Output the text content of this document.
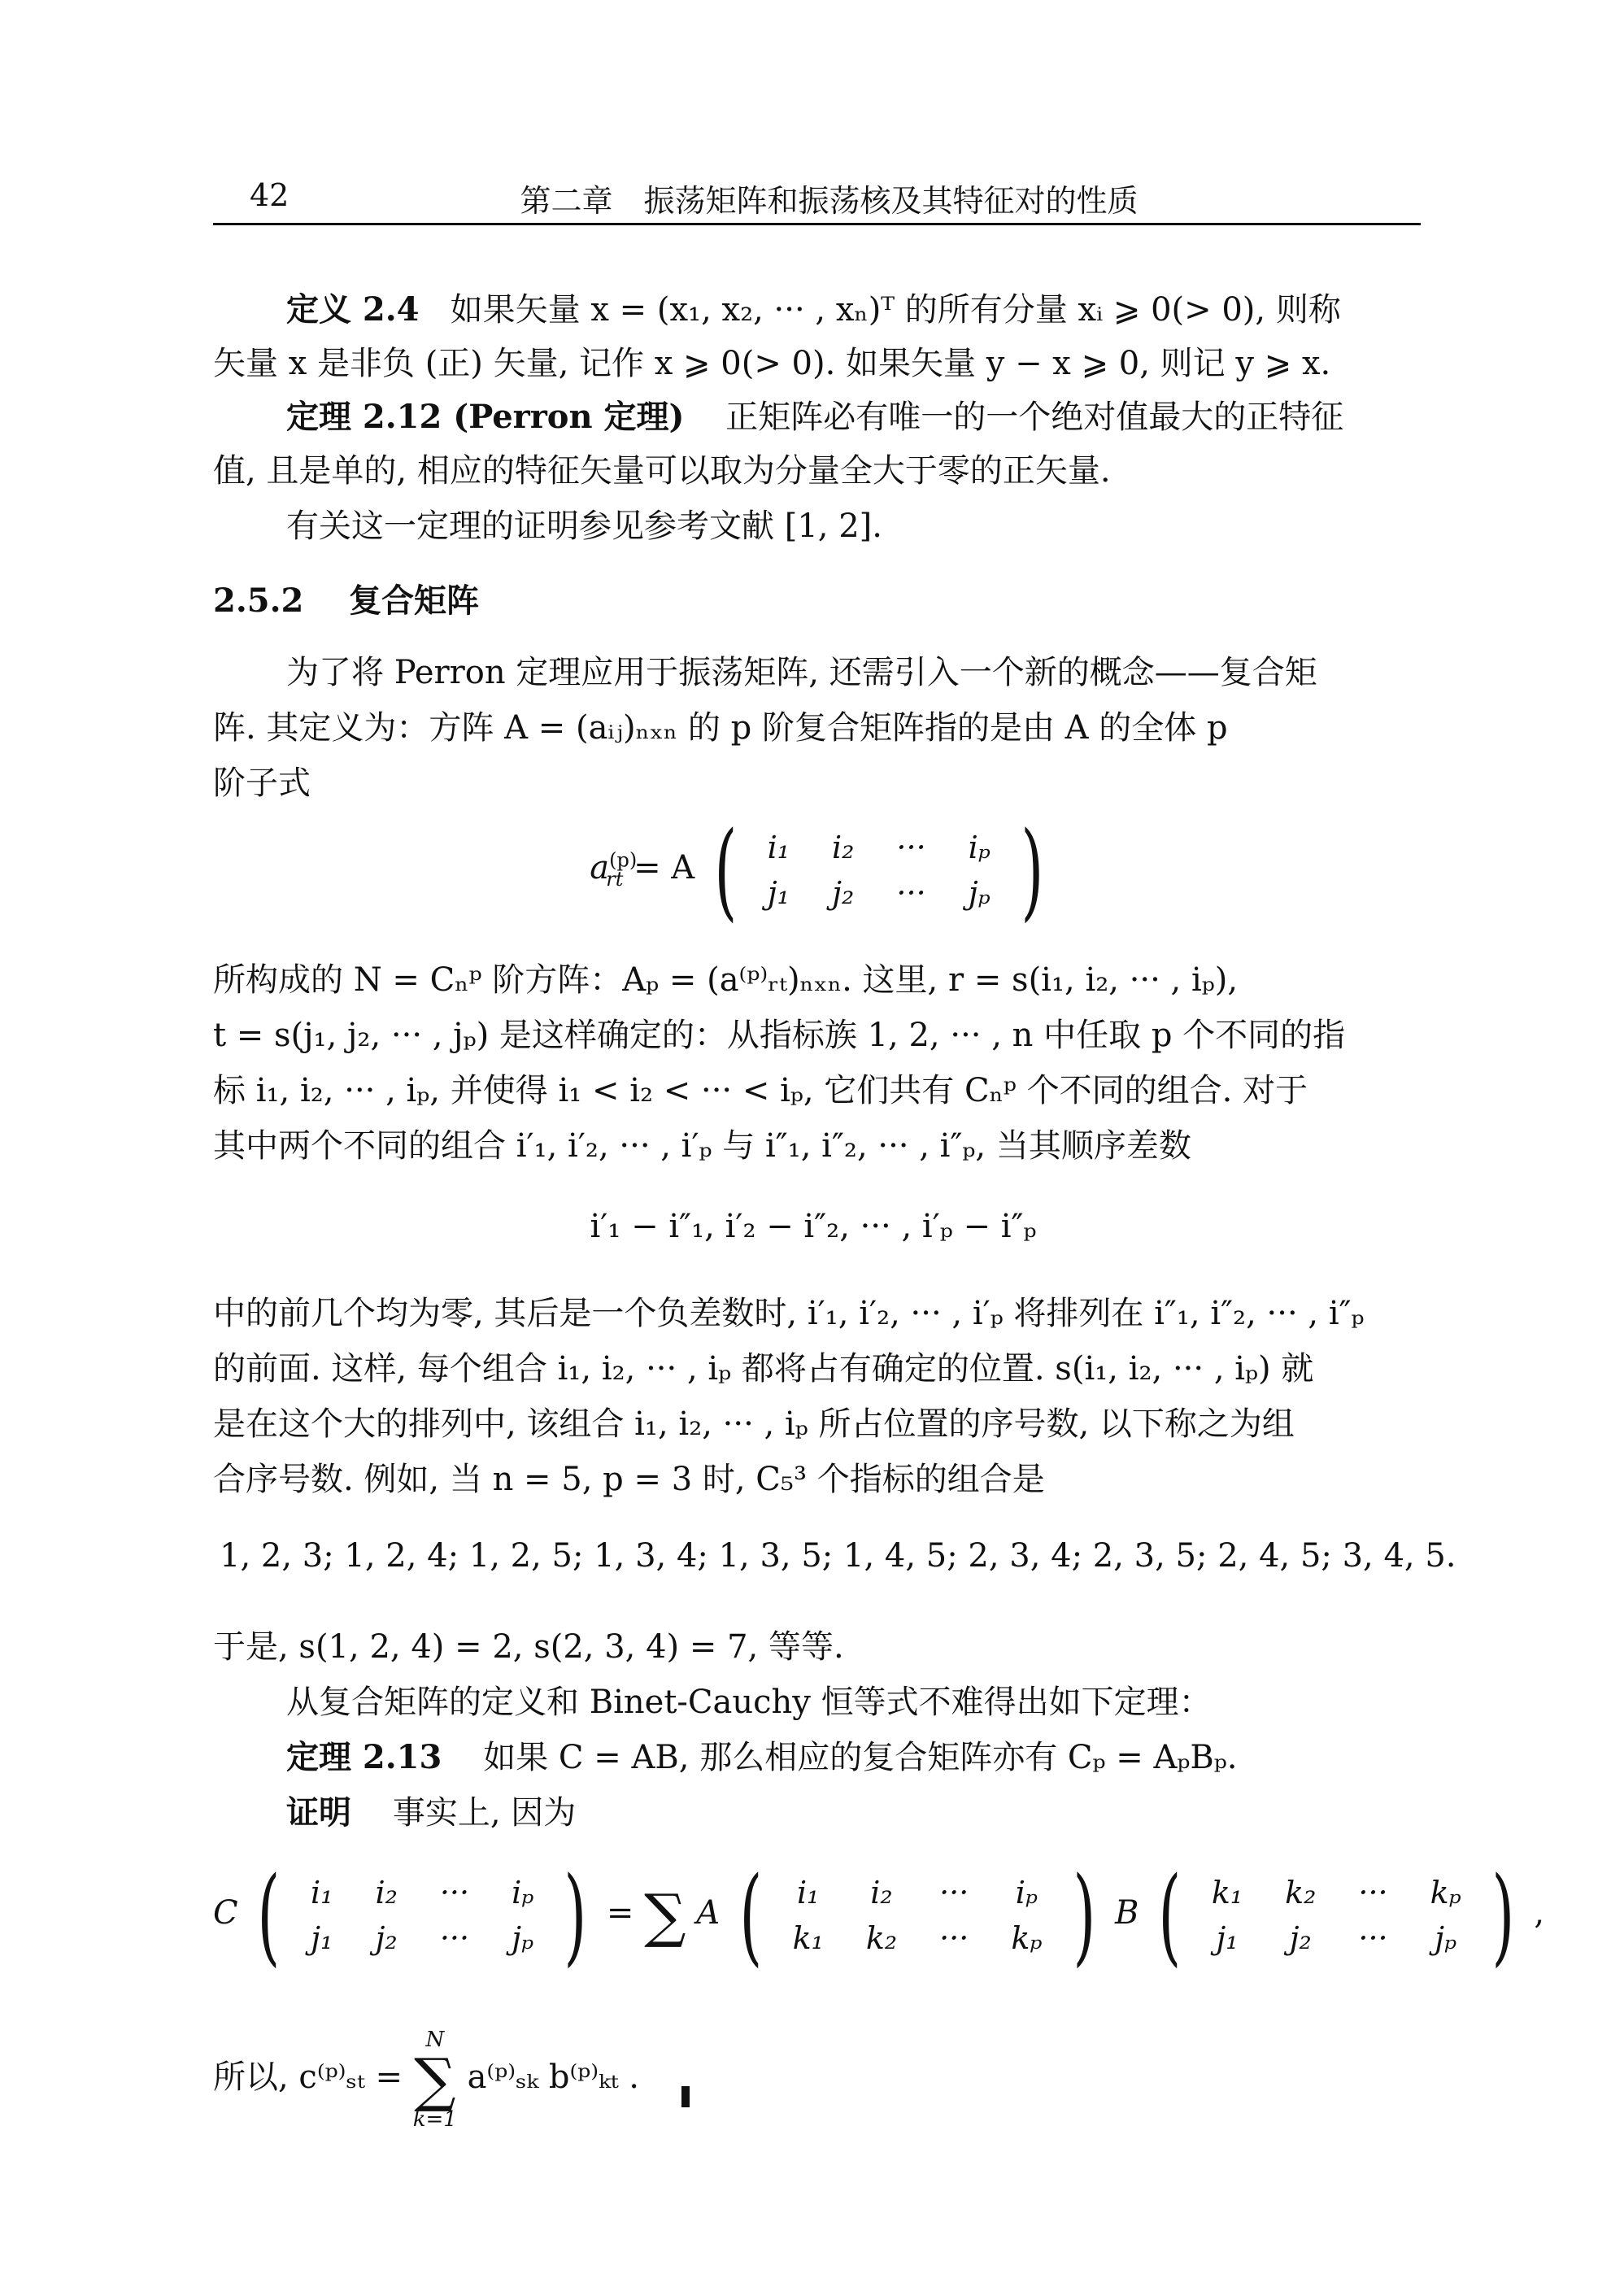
42	第二章　振荡矩阵和振荡核及其特征对的性质

定义 2.4 如果矢量 x = (x₁, x₂, ··· , xₙ)ᵀ 的所有分量 xᵢ ⩾ 0(> 0), 则称

矢量 x 是非负 (正) 矢量, 记作 x ⩾ 0(> 0). 如果矢量 y − x ⩾ 0, 则记 y ⩾ x.

定理 2.12 (Perron 定理) 正矩阵必有唯一的一个绝对值最大的正特征

值, 且是单的, 相应的特征矢量可以取为分量全大于零的正矢量.

有关这一定理的证明参见参考文献 [1, 2].

2.5.2 复合矩阵

为了将 Perron 定理应用于振荡矩阵, 还需引入一个新的概念——复合矩

阵. 其定义为：方阵 A = (aᵢⱼ)ₙₓₙ 的 p 阶复合矩阵指的是由 A 的全体 p

阶子式

$a^{(p)}_{rt} = A$ ( i₁	i₂	···	iₚ
j₁	j₂	···	jₚ )

所构成的 N = Cₙᵖ 阶方阵：Aₚ = (a⁽ᵖ⁾ᵣₜ)ₙₓₙ. 这里, r = s(i₁, i₂, ··· , iₚ),

t = s(j₁, j₂, ··· , jₚ) 是这样确定的：从指标族 1, 2, ··· , n 中任取 p 个不同的指

标 i₁, i₂, ··· , iₚ, 并使得 i₁ < i₂ < ··· < iₚ, 它们共有 Cₙᵖ 个不同的组合. 对于

其中两个不同的组合 i′₁, i′₂, ··· , i′ₚ 与 i″₁, i″₂, ··· , i″ₚ, 当其顺序差数

i′₁ − i″₁, i′₂ − i″₂, ··· , i′ₚ − i″ₚ

中的前几个均为零, 其后是一个负差数时, i′₁, i′₂, ··· , i′ₚ 将排列在 i″₁, i″₂, ··· , i″ₚ

的前面. 这样, 每个组合 i₁, i₂, ··· , iₚ 都将占有确定的位置. s(i₁, i₂, ··· , iₚ) 就

是在这个大的排列中, 该组合 i₁, i₂, ··· , iₚ 所占位置的序号数, 以下称之为组

合序号数. 例如, 当 n = 5, p = 3 时, C₅³ 个指标的组合是

1, 2, 3; 1, 2, 4; 1, 2, 5; 1, 3, 4; 1, 3, 5; 1, 4, 5; 2, 3, 4; 2, 3, 5; 2, 4, 5; 3, 4, 5.

于是, s(1, 2, 4) = 2, s(2, 3, 4) = 7, 等等.

从复合矩阵的定义和 Binet-Cauchy 恒等式不难得出如下定理：

定理 2.13 如果 C = AB, 那么相应的复合矩阵亦有 Cₚ = AₚBₚ.

证明 事实上, 因为

C ( i₁	i₂	···	iₚ
j₁	j₂	···	jₚ ) = ∑ A ( i₁	i₂	···	iₚ
k₁	k₂	···	kₚ ) B ( k₁	k₂	···	kₚ
j₁	j₂	···	jₚ ) ,
所以, c⁽ᵖ⁾ₛₜ =
N
∑
k=1
a⁽ᵖ⁾ₛₖ b⁽ᵖ⁾ₖₜ .
